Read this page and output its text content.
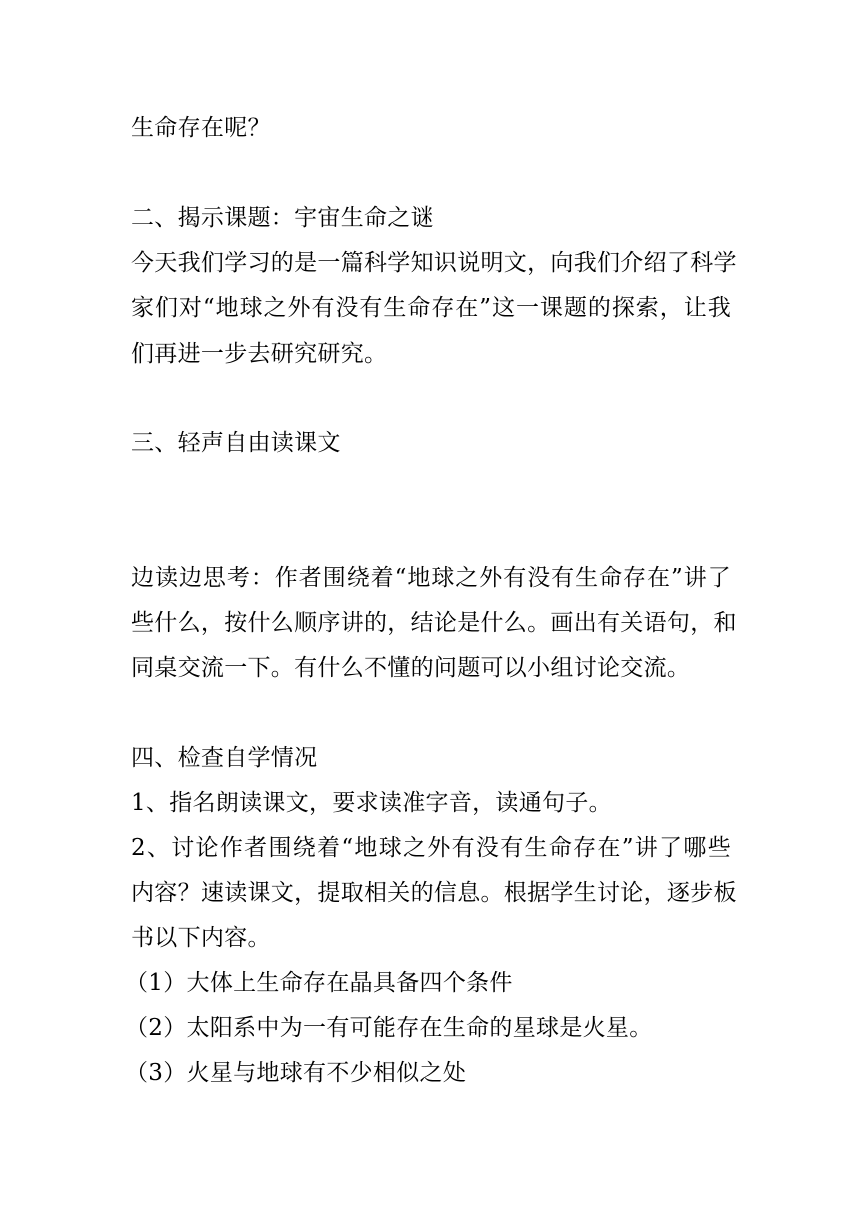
生命存在呢？
二、揭示课题：宇宙生命之谜
今天我们学习的是一篇科学知识说明文，向我们介绍了科学
家们对“地球之外有没有生命存在”这一课题的探索，让我
们再进一步去研究研究。
三、轻声自由读课文
边读边思考：作者围绕着“地球之外有没有生命存在”讲了
些什么，按什么顺序讲的，结论是什么。画出有关语句，和
同桌交流一下。有什么不懂的问题可以小组讨论交流。
四、检查自学情况
1、指名朗读课文，要求读准字音，读通句子。
2、讨论作者围绕着“地球之外有没有生命存在”讲了哪些
内容？速读课文，提取相关的信息。根据学生讨论，逐步板
书以下内容。
（1）大体上生命存在晶具备四个条件
（2）太阳系中为一有可能存在生命的星球是火星。
（3）火星与地球有不少相似之处
